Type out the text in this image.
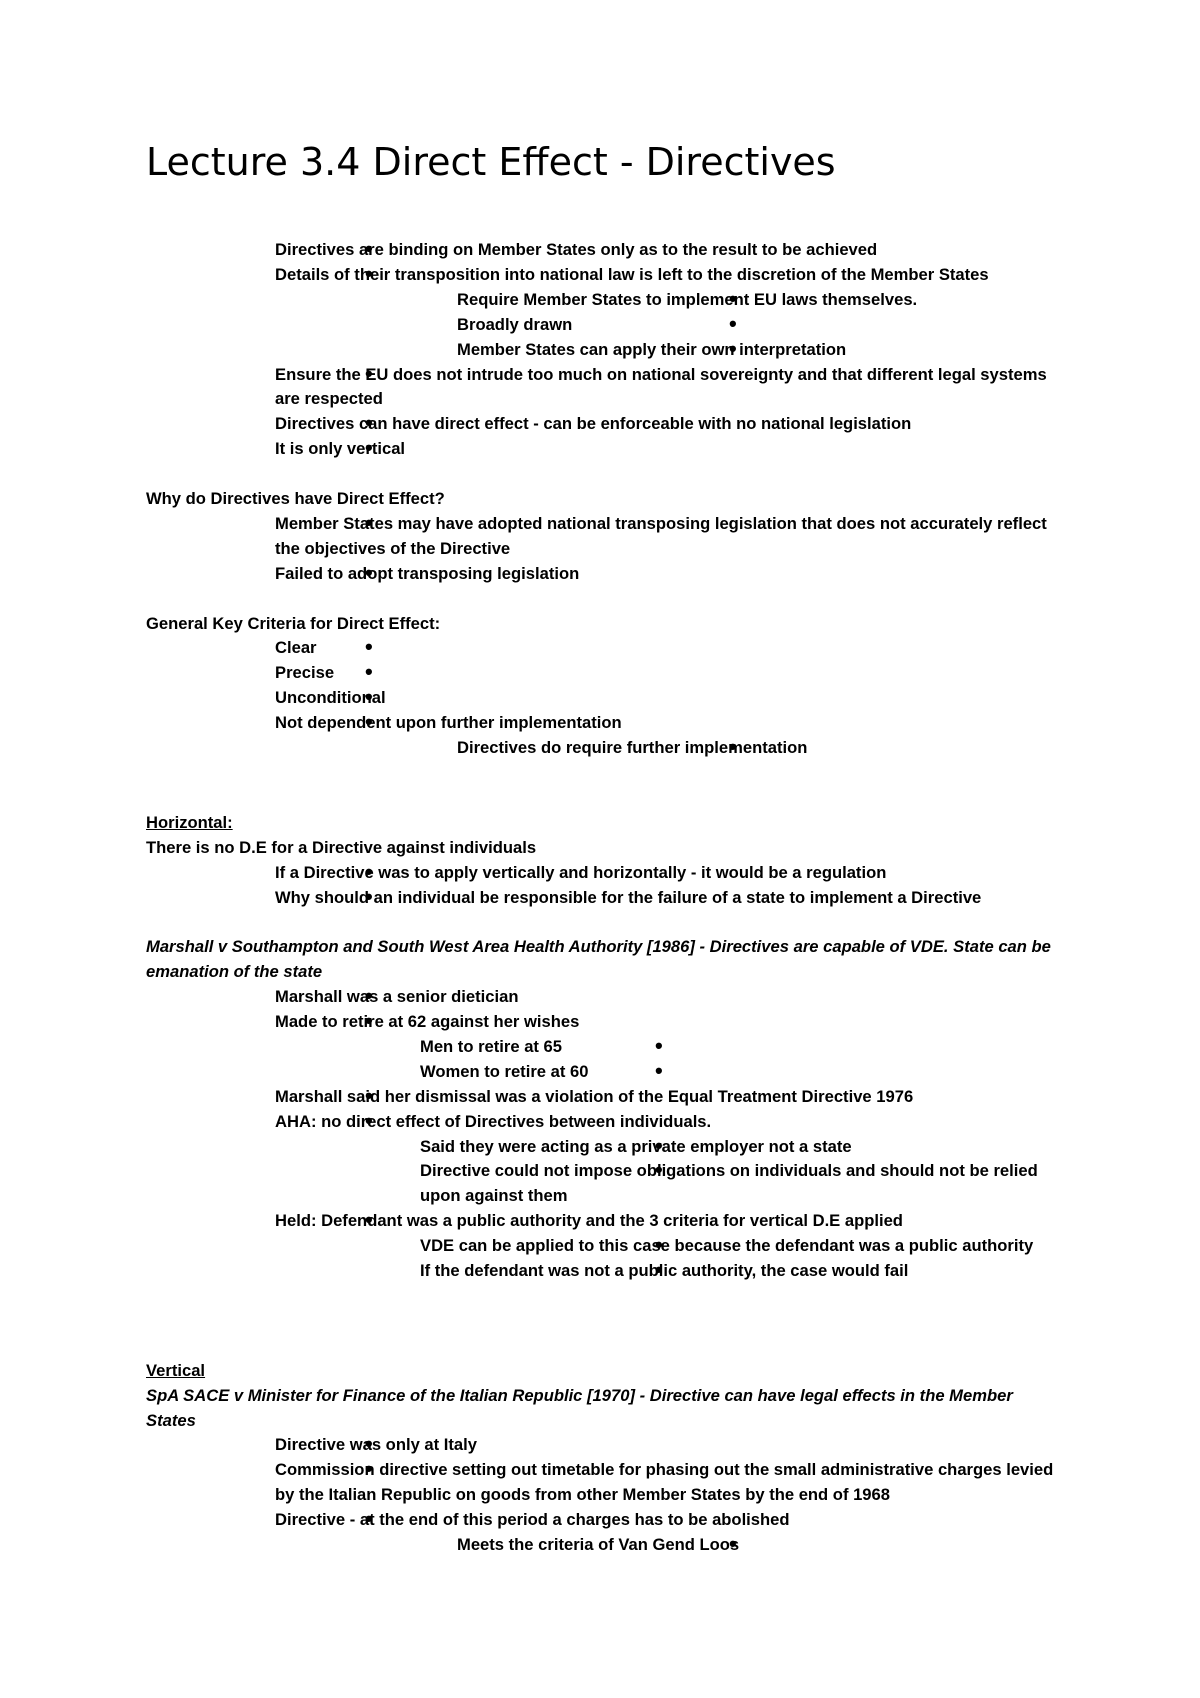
Lecture 3.4 Direct Effect - Directives
• Directives are binding on Member States only as to the result to be achieved
• Details of their transposition into national law is left to the discretion of the Member States
• Require Member States to implement EU laws themselves.
• Broadly drawn
• Member States can apply their own interpretation
• Ensure the EU does not intrude too much on national sovereignty and that different legal systems are respected
• Directives can have direct effect - can be enforceable with no national legislation
• It is only vertical
Why do Directives have Direct Effect?
• Member States may have adopted national transposing legislation that does not accurately reflect the objectives of the Directive
• Failed to adopt transposing legislation
General Key Criteria for Direct Effect:
• Clear
• Precise
• Unconditional
• Not dependent upon further implementation
• Directives do require further implementation
Horizontal:
There is no D.E for a Directive against individuals
• If a Directive was to apply vertically and horizontally - it would be a regulation
• Why should an individual be responsible for the failure of a state to implement a Directive
Marshall v Southampton and South West Area Health Authority [1986] - Directives are capable of VDE. State can be emanation of the state
• Marshall was a senior dietician
• Made to retire at 62 against her wishes
• Men to retire at 65
• Women to retire at 60
• Marshall said her dismissal was a violation of the Equal Treatment Directive 1976
• AHA: no direct effect of Directives between individuals.
• Said they were acting as a private employer not a state
• Directive could not impose obligations on individuals and should not be relied upon against them
• Held: Defendant was a public authority and the 3 criteria for vertical D.E applied
• VDE can be applied to this case because the defendant was a public authority
• If the defendant was not a public authority, the case would fail
Vertical
SpA SACE v Minister for Finance of the Italian Republic [1970] - Directive can have legal effects in the Member States
• Directive was only at Italy
• Commission directive setting out timetable for phasing out the small administrative charges levied by the Italian Republic on goods from other Member States by the end of 1968
• Directive - at the end of this period a charges has to be abolished
• Meets the criteria of Van Gend Loos
